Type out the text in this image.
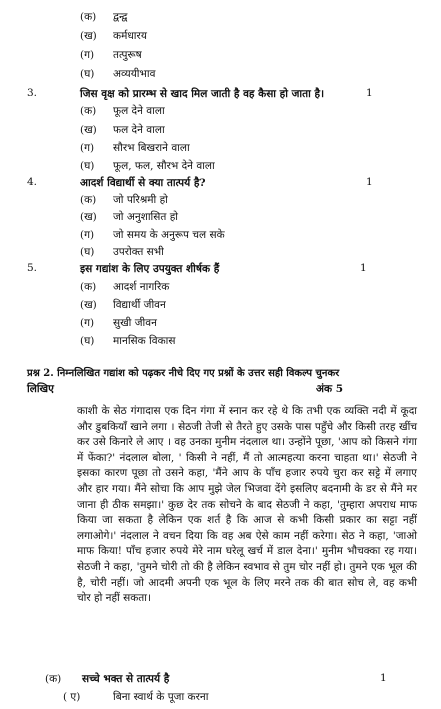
(क) द्वन्द्व
(ख) कर्मधारय
(ग) तत्पुरूष
(घ) अव्ययीभाव
3.	जिस वृक्ष को प्रारम्भ से खाद मिल जाती है वह कैसा हो जाता है।	1
(क) फूल देने वाला
(ख) फल देने वाला
(ग) सौरभ बिखराने वाला
(घ) फूल, फल, सौरभ देने वाला
4.	आदर्श विद्यार्थी से क्या तात्पर्य है?	1
(क) जो परिश्रमी हो
(ख) जो अनुशासित हो
(ग) जो समय के अनुरूप चल सके
(घ) उपरोक्त सभी
5.	इस गद्यांश के लिए उपयुक्त शीर्षक हैं	1
(क) आदर्श नागरिक
(ख) विद्यार्थी जीवन
(ग) सुखी जीवन
(घ) मानसिक विकास
प्रश्न 2. निम्नलिखित गद्यांश को पढ़कर नीचे दिए गए प्रश्नों के उत्तर सही विकल्प चुनकर
लिखिए	अंक 5
काशी के सेठ गंगादास एक दिन गंगा में स्नान कर रहे थे कि तभी एक व्यक्ति नदी में कूदा और डुबकियाँ खाने लगा । सेठजी तेजी से तैरते हुए उसके पास पहुँचे और किसी तरह खींच कर उसे किनारे ले आए । वह उनका मुनीम नंदलाल था। उन्होंने पूछा, 'आप को किसने गंगा में फेंका?' नंदलाल बोला, ' किसी ने नहीं, मैं तो आत्महत्या करना चाहता था।' सेठजी ने इसका कारण पूछा तो उसने कहा, 'मैंने आप के पाँच हजार रुपये चुरा कर सट्टे में लगाए और हार गया। मैंने सोचा कि आप मुझे जेल भिजवा देंगे इसलिए बदनामी के डर से मैंने मर जाना ही ठीक समझा।' कुछ देर तक सोचने के बाद सेठजी ने कहा, 'तुम्हारा अपराध माफ किया जा सकता है लेकिन एक शर्त है कि आज से कभी किसी प्रकार का सट्टा नहीं लगाओगे।' नंदलाल ने वचन दिया कि वह अब ऐसे काम नहीं करेगा। सेठ ने कहा, 'जाओ माफ किया! पाँच हजार रुपये मेरे नाम घरेलू खर्च में डाल देना।' मुनीम भौचक्का रह गया। सेठजी ने कहा, 'तुमने चोरी तो की है लेकिन स्वभाव से तुम चोर नहीं हो। तुमने एक भूल की है, चोरी नहीं। जो आदमी अपनी एक भूल के लिए मरने तक की बात सोच ले, वह कभी चोर हो नहीं सकता।
(क) सच्चे भक्त से तात्पर्य है	1
( ए)	बिना स्वार्थ के पूजा करना
